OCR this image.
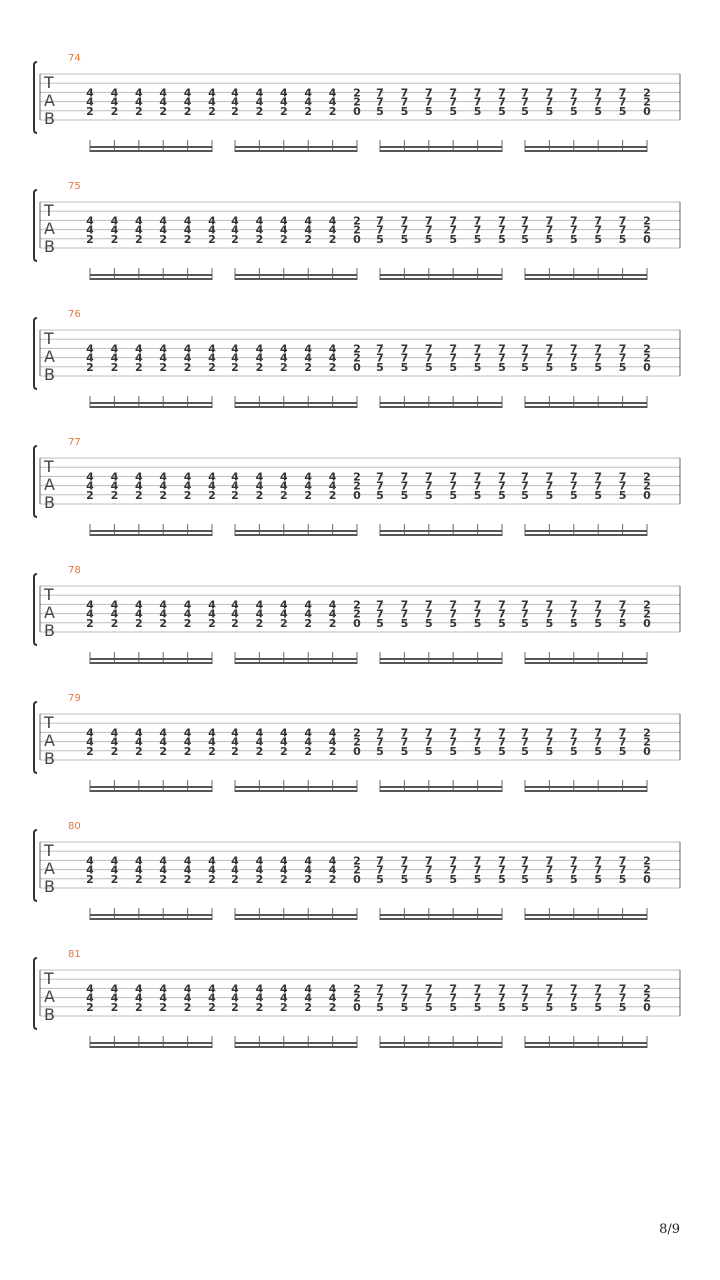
74
T
A
B
4
4
2
4
4
2
4
4
2
4
4
2
4
4
2
4
4
2
4
4
2
4
4
2
4
4
2
4
4
2
4
4
2
2
2
0
7
7
5
7
7
5
7
7
5
7
7
5
7
7
5
7
7
5
7
7
5
7
7
5
7
7
5
7
7
5
7
7
5
2
2
0
75
T
A
B
4
4
2
4
4
2
4
4
2
4
4
2
4
4
2
4
4
2
4
4
2
4
4
2
4
4
2
4
4
2
4
4
2
2
2
0
7
7
5
7
7
5
7
7
5
7
7
5
7
7
5
7
7
5
7
7
5
7
7
5
7
7
5
7
7
5
7
7
5
2
2
0
76
T
A
B
4
4
2
4
4
2
4
4
2
4
4
2
4
4
2
4
4
2
4
4
2
4
4
2
4
4
2
4
4
2
4
4
2
2
2
0
7
7
5
7
7
5
7
7
5
7
7
5
7
7
5
7
7
5
7
7
5
7
7
5
7
7
5
7
7
5
7
7
5
2
2
0
77
T
A
B
4
4
2
4
4
2
4
4
2
4
4
2
4
4
2
4
4
2
4
4
2
4
4
2
4
4
2
4
4
2
4
4
2
2
2
0
7
7
5
7
7
5
7
7
5
7
7
5
7
7
5
7
7
5
7
7
5
7
7
5
7
7
5
7
7
5
7
7
5
2
2
0
78
T
A
B
4
4
2
4
4
2
4
4
2
4
4
2
4
4
2
4
4
2
4
4
2
4
4
2
4
4
2
4
4
2
4
4
2
2
2
0
7
7
5
7
7
5
7
7
5
7
7
5
7
7
5
7
7
5
7
7
5
7
7
5
7
7
5
7
7
5
7
7
5
2
2
0
79
T
A
B
4
4
2
4
4
2
4
4
2
4
4
2
4
4
2
4
4
2
4
4
2
4
4
2
4
4
2
4
4
2
4
4
2
2
2
0
7
7
5
7
7
5
7
7
5
7
7
5
7
7
5
7
7
5
7
7
5
7
7
5
7
7
5
7
7
5
7
7
5
2
2
0
80
T
A
B
4
4
2
4
4
2
4
4
2
4
4
2
4
4
2
4
4
2
4
4
2
4
4
2
4
4
2
4
4
2
4
4
2
2
2
0
7
7
5
7
7
5
7
7
5
7
7
5
7
7
5
7
7
5
7
7
5
7
7
5
7
7
5
7
7
5
7
7
5
2
2
0
81
T
A
B
4
4
2
4
4
2
4
4
2
4
4
2
4
4
2
4
4
2
4
4
2
4
4
2
4
4
2
4
4
2
4
4
2
2
2
0
7
7
5
7
7
5
7
7
5
7
7
5
7
7
5
7
7
5
7
7
5
7
7
5
7
7
5
7
7
5
7
7
5
2
2
0
8/9
